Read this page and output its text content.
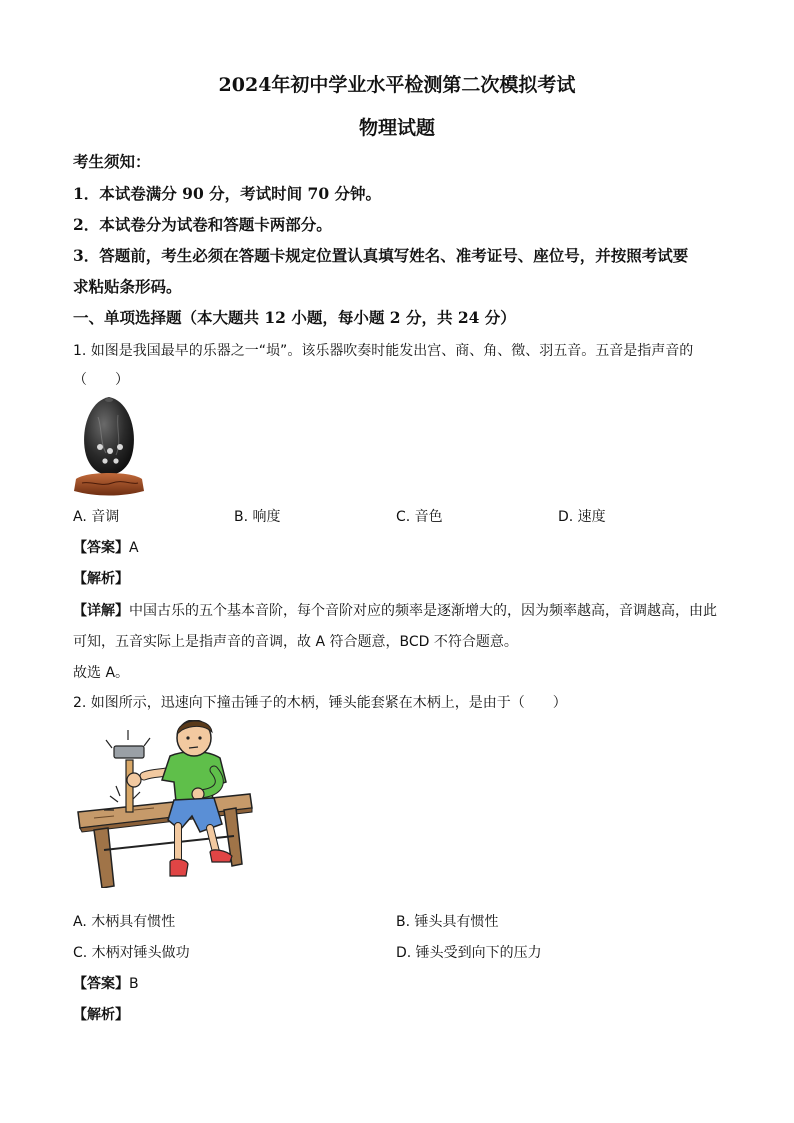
2024年初中学业水平检测第二次模拟考试
物理试题
考生须知：
1．本试卷满分 90 分，考试时间 70 分钟。
2．本试卷分为试卷和答题卡两部分。
3．答题前，考生必须在答题卡规定位置认真填写姓名、准考证号、座位号，并按照考试要
求粘贴条形码。
一、单项选择题（本大题共 12 小题，每小题 2 分，共 24 分）
1. 如图是我国最早的乐器之一“埙”。该乐器吹奏时能发出宫、商、角、徵、羽五音。五音是指声音的
（　　）
A. 音调	B. 响度	C. 音色	D. 速度
【答案】A
【解析】
【详解】中国古乐的五个基本音阶，每个音阶对应的频率是逐渐增大的，因为频率越高，音调越高，由此
可知，五音实际上是指声音的音调，故 A 符合题意，BCD 不符合题意。
故选 A。
2. 如图所示，迅速向下撞击锤子的木柄，锤头能套紧在木柄上，是由于（　　）
A. 木柄具有惯性	B. 锤头具有惯性
C. 木柄对锤头做功	D. 锤头受到向下的压力
【答案】B
【解析】
